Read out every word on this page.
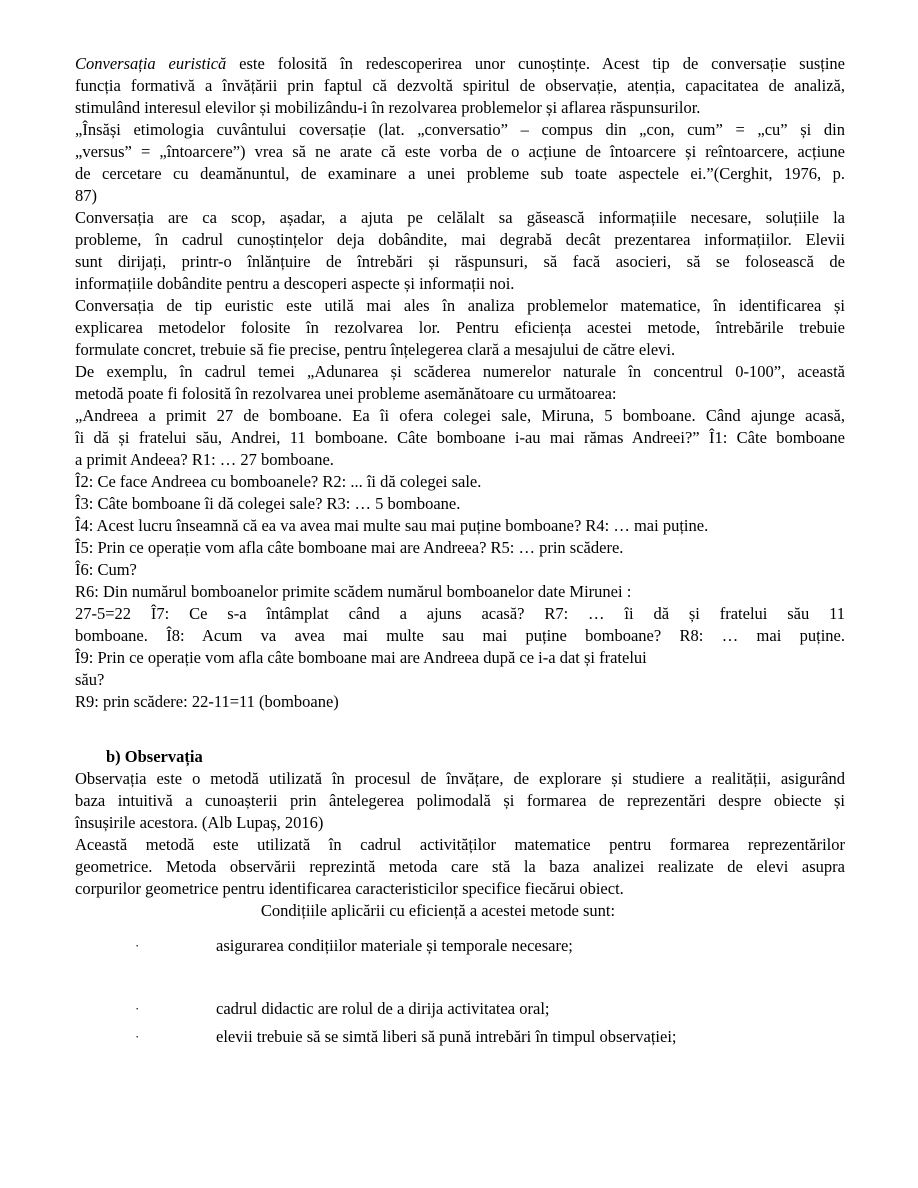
Conversația euristică este folosită în redescoperirea unor cunoștințe. Acest tip de conversație susține
funcția formativă a învățării prin faptul că dezvoltă spiritul de observație, atenția, capacitatea de analiză,
stimulând interesul elevilor și mobilizându-i în rezolvarea problemelor și aflarea răspunsurilor.
„Însăși etimologia cuvântului coversație (lat. „conversatio” – compus din „con, cum” = „cu” și din
„versus” = „întoarcere”) vrea să ne arate că este vorba de o acțiune de întoarcere și reîntoarcere, acțiune
de cercetare cu deamănuntul, de examinare a unei probleme sub toate aspectele ei.”(Cerghit, 1976, p.
87)
Conversația are ca scop, așadar, a ajuta pe celălalt sa găsească informațiile necesare, soluțiile la
probleme, în cadrul cunoștințelor deja dobândite, mai degrabă decât prezentarea informațiilor. Elevii
sunt dirijați, printr-o înlănțuire de întrebări și răspunsuri, să facă asocieri, să se folosească de
informațiile dobândite pentru a descoperi aspecte și informații noi.
Conversația de tip euristic este utilă mai ales în analiza problemelor matematice, în identificarea și
explicarea metodelor folosite în rezolvarea lor. Pentru eficiența acestei metode, întrebările trebuie
formulate concret, trebuie să fie precise, pentru înțelegerea clară a mesajului de către elevi.
De exemplu, în cadrul temei „Adunarea și scăderea numerelor naturale în concentrul 0-100”, această
metodă poate fi folosită în rezolvarea unei probleme asemănătoare cu următoarea:
„Andreea a primit 27 de bomboane. Ea îi ofera colegei sale, Miruna, 5 bomboane. Când ajunge acasă,
îi dă și fratelui său, Andrei, 11 bomboane. Câte bomboane i-au mai rămas Andreei?” Î1: Câte bomboane
a primit Andeea? R1: … 27 bomboane.
Î2: Ce face Andreea cu bomboanele? R2: ... îi dă colegei sale.
Î3: Câte bomboane îi dă colegei sale? R3: … 5 bomboane.
Î4: Acest lucru înseamnă că ea va avea mai multe sau mai puține bomboane? R4: … mai puține.
Î5: Prin ce operație vom afla câte bomboane mai are Andreea? R5: … prin scădere.
Î6: Cum?
R6: Din numărul bomboanelor primite scădem numărul bomboanelor date Mirunei :
27-5=22 Î7: Ce s-a întâmplat când a ajuns acasă? R7: … îi dă și fratelui său 11
bomboane. Î8: Acum va avea mai multe sau mai puține bomboane? R8: … mai puține.
Î9: Prin ce operație vom afla câte bomboane mai are Andreea după ce i-a dat și fratelui
său?
R9: prin scădere: 22-11=11 (bomboane)
b) Observația
Observația este o metodă utilizată în procesul de învățare, de explorare și studiere a realității, asigurând
baza intuitivă a cunoașterii prin ântelegerea polimodală și formarea de reprezentări despre obiecte și
însușirile acestora. (Alb Lupaș, 2016)
Această metodă este utilizată în cadrul activităților matematice pentru formarea reprezentărilor
geometrice. Metoda observării reprezintă metoda care stă la baza analizei realizate de elevi asupra
corpurilor geometrice pentru identificarea caracteristicilor specifice fiecărui obiect.
Condițiile aplicării cu eficiență a acestei metode sunt:
·	asigurarea condițiilor materiale și temporale necesare;
·	cadrul didactic are rolul de a dirija activitatea oral;
·	elevii trebuie să se simtă liberi să pună intrebări în timpul observației;
